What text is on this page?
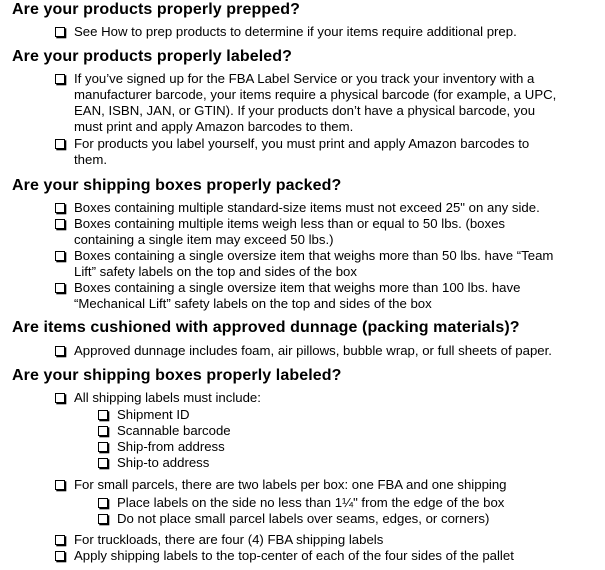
Are your products properly prepped?
See How to prep products to determine if your items require additional prep.
Are your products properly labeled?
If you’ve signed up for the FBA Label Service or you track your inventory with a
manufacturer barcode, your items require a physical barcode (for example, a UPC,
EAN, ISBN, JAN, or GTIN). If your products don’t have a physical barcode, you
must print and apply Amazon barcodes to them.
For products you label yourself, you must print and apply Amazon barcodes to
them.
Are your shipping boxes properly packed?
Boxes containing multiple standard-size items must not exceed 25" on any side.
Boxes containing multiple items weigh less than or equal to 50 lbs. (boxes
containing a single item may exceed 50 lbs.)
Boxes containing a single oversize item that weighs more than 50 lbs. have “Team
Lift” safety labels on the top and sides of the box
Boxes containing a single oversize item that weighs more than 100 lbs. have
“Mechanical Lift” safety labels on the top and sides of the box
Are items cushioned with approved dunnage (packing materials)?
Approved dunnage includes foam, air pillows, bubble wrap, or full sheets of paper.
Are your shipping boxes properly labeled?
All shipping labels must include:
Shipment ID
Scannable barcode
Ship-from address
Ship-to address
For small parcels, there are two labels per box: one FBA and one shipping
Place labels on the side no less than 1¼" from the edge of the box
Do not place small parcel labels over seams, edges, or corners)
For truckloads, there are four (4) FBA shipping labels
Apply shipping labels to the top-center of each of the four sides of the pallet
